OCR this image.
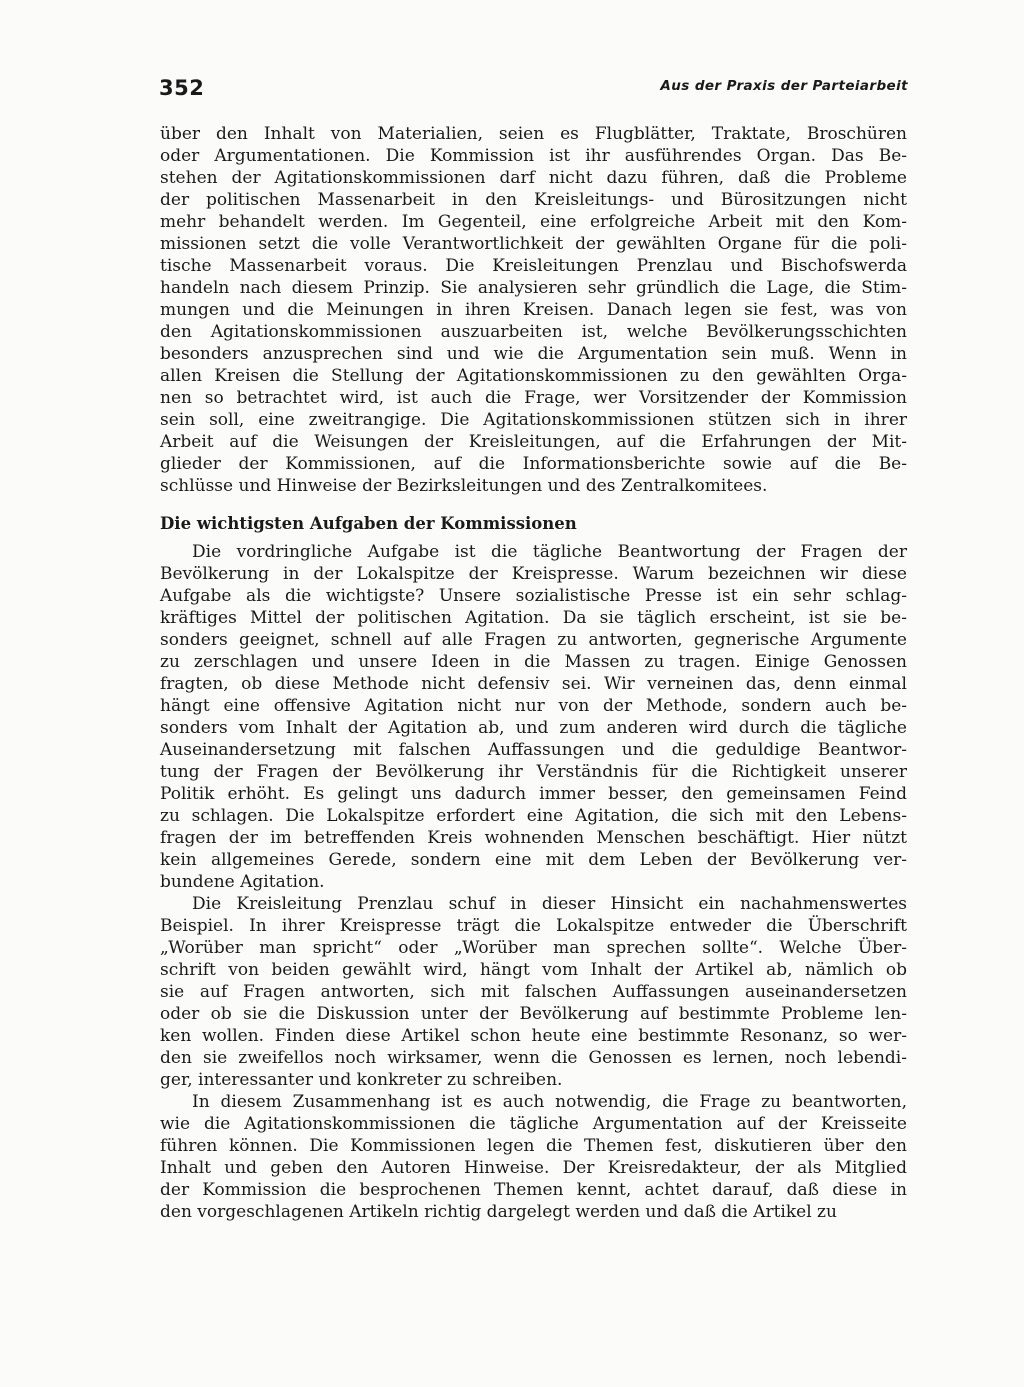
352	Aus der Praxis der Parteiarbeit
über den Inhalt von Materialien, seien es Flugblätter, Traktate, Broschüren
oder Argumentationen. Die Kommission ist ihr ausführendes Organ. Das Be-
stehen der Agitationskommissionen darf nicht dazu führen, daß die Probleme
der politischen Massenarbeit in den Kreisleitungs- und Bürositzungen nicht
mehr behandelt werden. Im Gegenteil, eine erfolgreiche Arbeit mit den Kom-
missionen setzt die volle Verantwortlichkeit der gewählten Organe für die poli-
tische Massenarbeit voraus. Die Kreisleitungen Prenzlau und Bischofswerda
handeln nach diesem Prinzip. Sie analysieren sehr gründlich die Lage, die Stim-
mungen und die Meinungen in ihren Kreisen. Danach legen sie fest, was von
den Agitationskommissionen auszuarbeiten ist, welche Bevölkerungsschichten
besonders anzusprechen sind und wie die Argumentation sein muß. Wenn in
allen Kreisen die Stellung der Agitationskommissionen zu den gewählten Orga-
nen so betrachtet wird, ist auch die Frage, wer Vorsitzender der Kommission
sein soll, eine zweitrangige. Die Agitationskommissionen stützen sich in ihrer
Arbeit auf die Weisungen der Kreisleitungen, auf die Erfahrungen der Mit-
glieder der Kommissionen, auf die Informationsberichte sowie auf die Be-
schlüsse und Hinweise der Bezirksleitungen und des Zentralkomitees.
Die wichtigsten Aufgaben der Kommissionen
Die vordringliche Aufgabe ist die tägliche Beantwortung der Fragen der
Bevölkerung in der Lokalspitze der Kreispresse. Warum bezeichnen wir diese
Aufgabe als die wichtigste? Unsere sozialistische Presse ist ein sehr schlag-
kräftiges Mittel der politischen Agitation. Da sie täglich erscheint, ist sie be-
sonders geeignet, schnell auf alle Fragen zu antworten, gegnerische Argumente
zu zerschlagen und unsere Ideen in die Massen zu tragen. Einige Genossen
fragten, ob diese Methode nicht defensiv sei. Wir verneinen das, denn einmal
hängt eine offensive Agitation nicht nur von der Methode, sondern auch be-
sonders vom Inhalt der Agitation ab, und zum anderen wird durch die tägliche
Auseinandersetzung mit falschen Auffassungen und die geduldige Beantwor-
tung der Fragen der Bevölkerung ihr Verständnis für die Richtigkeit unserer
Politik erhöht. Es gelingt uns dadurch immer besser, den gemeinsamen Feind
zu schlagen. Die Lokalspitze erfordert eine Agitation, die sich mit den Lebens-
fragen der im betreffenden Kreis wohnenden Menschen beschäftigt. Hier nützt
kein allgemeines Gerede, sondern eine mit dem Leben der Bevölkerung ver-
bundene Agitation.
Die Kreisleitung Prenzlau schuf in dieser Hinsicht ein nachahmenswertes
Beispiel. In ihrer Kreispresse trägt die Lokalspitze entweder die Überschrift
„Worüber man spricht“ oder „Worüber man sprechen sollte“. Welche Über-
schrift von beiden gewählt wird, hängt vom Inhalt der Artikel ab, nämlich ob
sie auf Fragen antworten, sich mit falschen Auffassungen auseinandersetzen
oder ob sie die Diskussion unter der Bevölkerung auf bestimmte Probleme len-
ken wollen. Finden diese Artikel schon heute eine bestimmte Resonanz, so wer-
den sie zweifellos noch wirksamer, wenn die Genossen es lernen, noch lebendi-
ger, interessanter und konkreter zu schreiben.
In diesem Zusammenhang ist es auch notwendig, die Frage zu beantworten,
wie die Agitationskommissionen die tägliche Argumentation auf der Kreisseite
führen können. Die Kommissionen legen die Themen fest, diskutieren über den
Inhalt und geben den Autoren Hinweise. Der Kreisredakteur, der als Mitglied
der Kommission die besprochenen Themen kennt, achtet darauf, daß diese in
den vorgeschlagenen Artikeln richtig dargelegt werden und daß die Artikel zu
